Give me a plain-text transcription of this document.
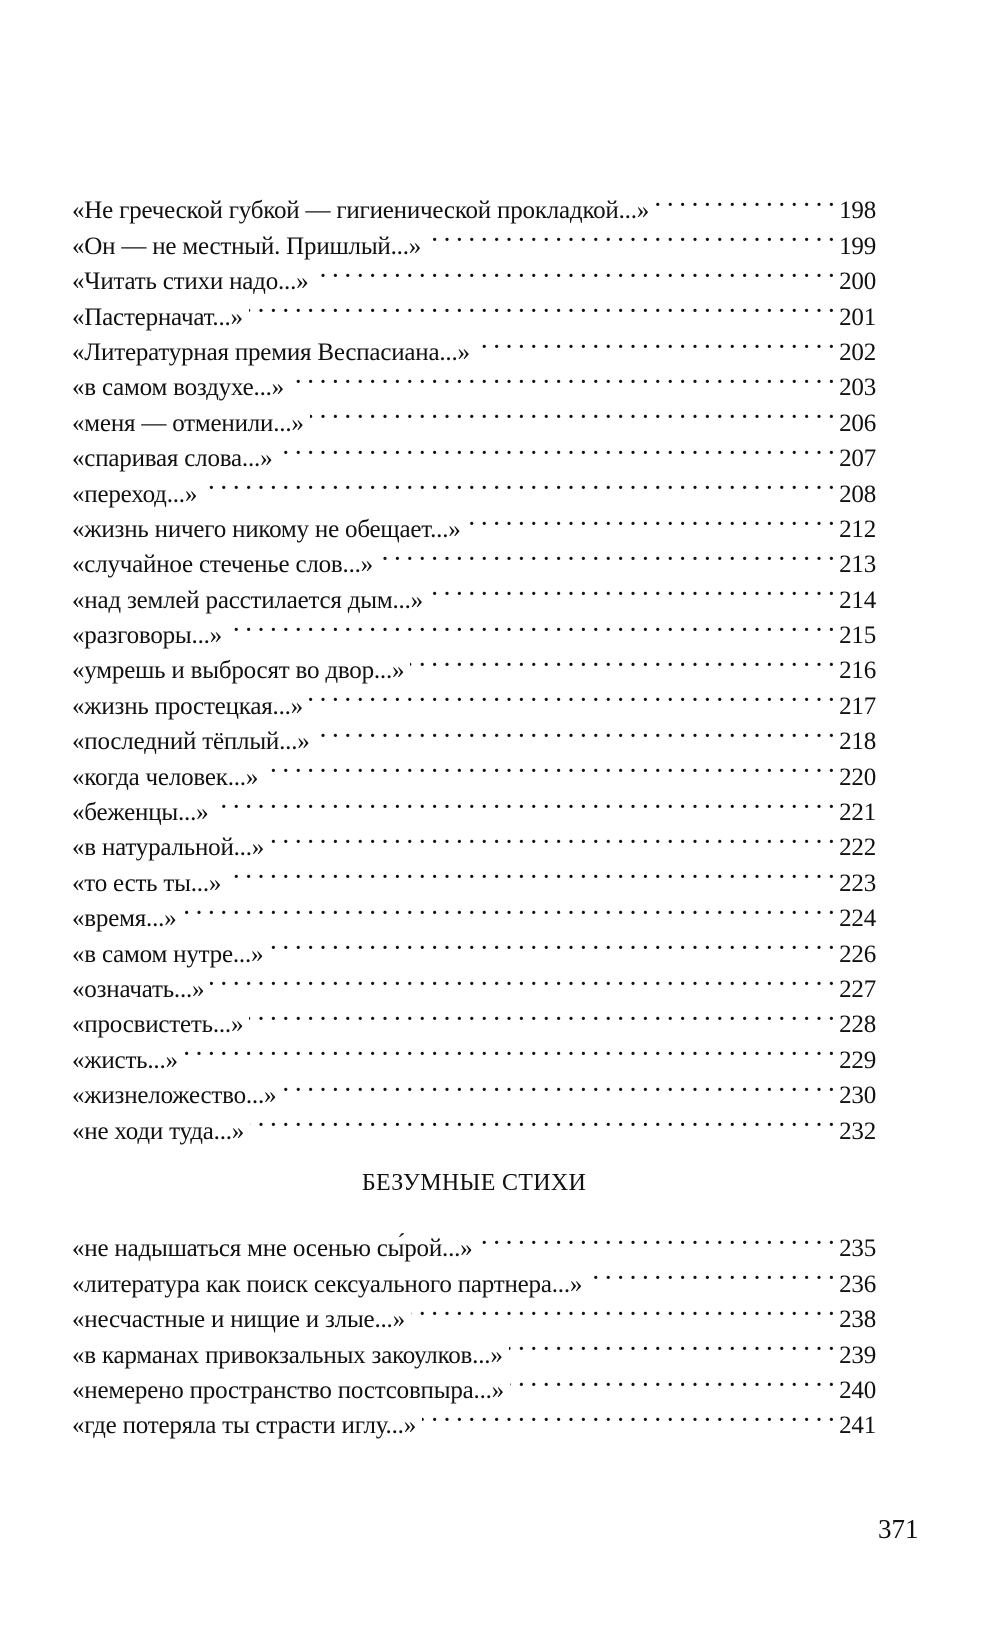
«Не греческой губкой — гигиенической прокладкой...» . . .	198
«Он — не местный. Пришлый...» . . .	199
«Читать стихи надо...» . . .	200
«Пастерначат...» . . .	201
«Литературная премия Веспасиана...» . . .	202
«в самом воздухе...» . . .	203
«меня — отменили...» . . .	206
«спаривая слова...» . . .	207
«переход...» . . .	208
«жизнь ничего никому не обещает...» . . .	212
«случайное стеченье слов...» . . .	213
«над землей расстилается дым...» . . .	214
«разговоры...» . . .	215
«умрешь и выбросят во двор...» . . .	216
«жизнь простецкая...» . . .	217
«последний тёплый...» . . .	218
«когда человек...» . . .	220
«беженцы...» . . .	221
«в натуральной...» . . .	222
«то есть ты...» . . .	223
«время...» . . .	224
«в самом нутре...» . . .	226
«означать...» . . .	227
«просвистеть...» . . .	228
«жисть...» . . .	229
«жизнеложество...» . . .	230
«не ходи туда...» . . .	232
БЕЗУМНЫЕ СТИХИ
«не надышаться мне осенью сы́рой...» . . .	235
«литература как поиск сексуального партнера...» . . .	236
«несчастные и нищие и злые...» . . .	238
«в карманах привокзальных закоулков...» . . .	239
«немерено пространство постсовпыра...» . . .	240
«где потеряла ты страсти иглу...» . . .	241
371
